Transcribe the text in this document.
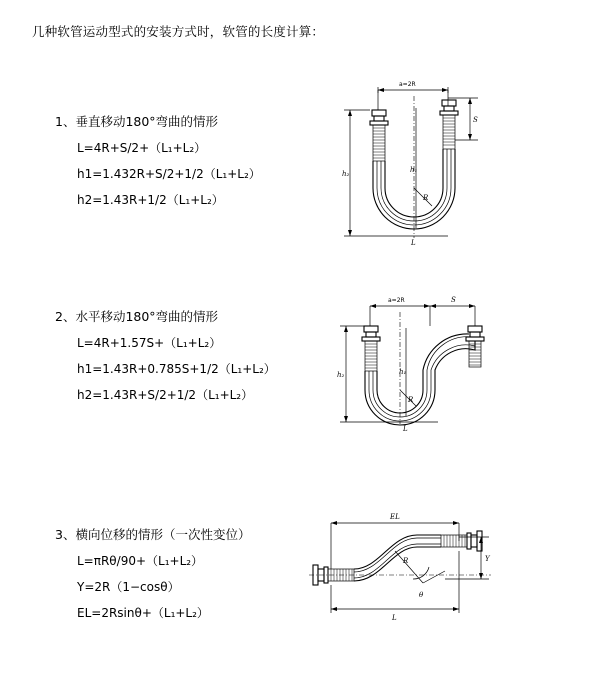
几种软管运动型式的安装方式时，软管的长度计算：
1、垂直移动180°弯曲的情形
L=4R+S/2+（L₁+L₂）
h1=1.432R+S/2+1/2（L₁+L₂）
h2=1.43R+1/2（L₁+L₂）
a=2R
S
h₂	h₁
R
L
2、水平移动180°弯曲的情形
L=4R+1.57S+（L₁+L₂）
h1=1.43R+0.785S+1/2（L₁+L₂）
h2=1.43R+S/2+1/2（L₁+L₂）
a=2R	S
h₂	h₁
R
L
3、横向位移的情形（一次性变位）
L=πRθ/90+（L₁+L₂）
Y=2R（1−cosθ）
EL=2Rsinθ+（L₁+L₂）
EL
Y
R
θ
L
